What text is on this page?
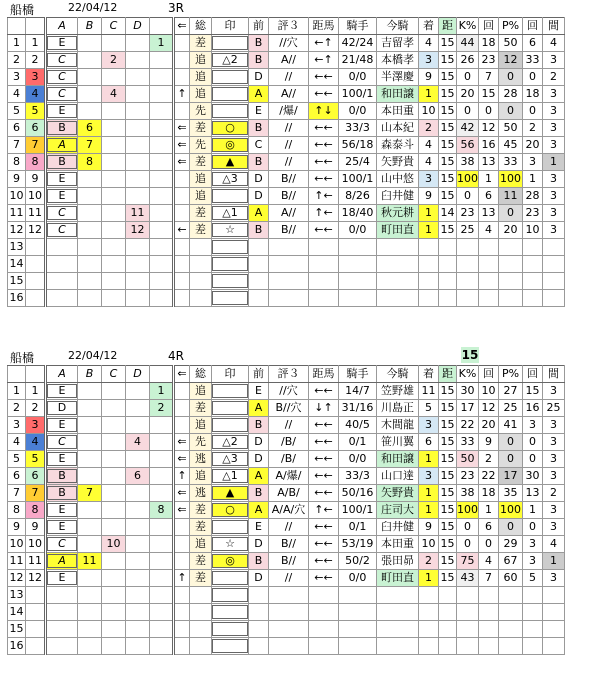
船橋	22/04/12	3R
		A	B	C	D		⇐	総	印	前	評３	距馬	騎手	今騎	着	距	K%	回	P%	回	間
1	1	E				1		差		B	//穴	←↑	42/24	吉留孝	4	15	44	18	50	6	4
2	2	C		2				追	△2	B	A//	←↑	21/48	本橋孝	3	15	26	23	12	33	3
3	3	C						追		D	//	←←	0/0	半澤慶	9	15	0	7	0	0	2
4	4	C		4			↑	追		A	A//	←←	100/1	和田譲	1	15	20	15	28	18	3
5	5	E						先		E	/爆/	↑↓	0/0	本田重	10	15	0	0	0	0	3
6	6	B	6				⇐	差	○	B	//	←←	33/3	山本紀	2	15	42	12	50	2	3
7	7	A	7				⇐	先	◎	C	//	←←	56/18	森泰斗	4	15	56	16	45	20	3
8	8	B	8				⇐	差	▲	B	//	←←	25/4	矢野貴	4	15	38	13	33	3	1
9	9	E						追	△3	D	B//	←←	100/1	山中悠	3	15	100	1	100	1	3
10	10	E						追		D	B//	↑←	8/26	臼井健	9	15	0	6	11	28	3
11	11	C			11			差	△1	A	A//	↑←	18/40	秋元耕	1	14	23	13	0	23	3
12	12	C			12		←	差	☆	B	B//	←←	0/0	町田直	1	15	25	4	20	10	3
13																					
14																					
15																					
16																					
船橋	22/04/12	4R	15
		A	B	C	D		⇐	総	印	前	評３	距馬	騎手	今騎	着	距	K%	回	P%	回	間
1	1	E				1		追		E	//穴	←←	14/7	笠野雄	11	15	30	10	27	15	3
2	2	D				2		差		A	B//穴	↓↑	31/16	川島正	5	15	17	12	25	16	25
3	3	E						追		B	//	←←	40/5	木間龍	3	15	22	20	41	3	3
4	4	C			4		⇐	先	△2	D	/B/	←←	0/1	笹川翼	6	15	33	9	0	0	3
5	5	E					⇐	逃	△3	D	/B/	←←	0/0	和田譲	1	15	50	2	0	0	3
6	6	B			6		↑	追	△1	A	A/爆/	←←	33/3	山口達	3	15	23	22	17	30	3
7	7	B	7				⇐	逃	▲	B	A/B/	←←	50/16	矢野貴	1	15	38	18	35	13	2
8	8	E				8	⇐	差	○	A	A/A/穴	↑←	100/1	庄司大	1	15	100	1	100	1	3
9	9	E						差		E	//	←←	0/1	臼井健	9	15	0	6	0	0	3
10	10	C		10				追	☆	D	B//	←←	53/19	本田重	10	15	0	0	29	3	4
11	11	A	11					差	◎	B	B//	←←	50/2	張田昴	2	15	75	4	67	3	1
12	12	E					↑	差		D	//	←←	0/0	町田直	1	15	43	7	60	5	3
13																					
14																					
15																					
16																					
